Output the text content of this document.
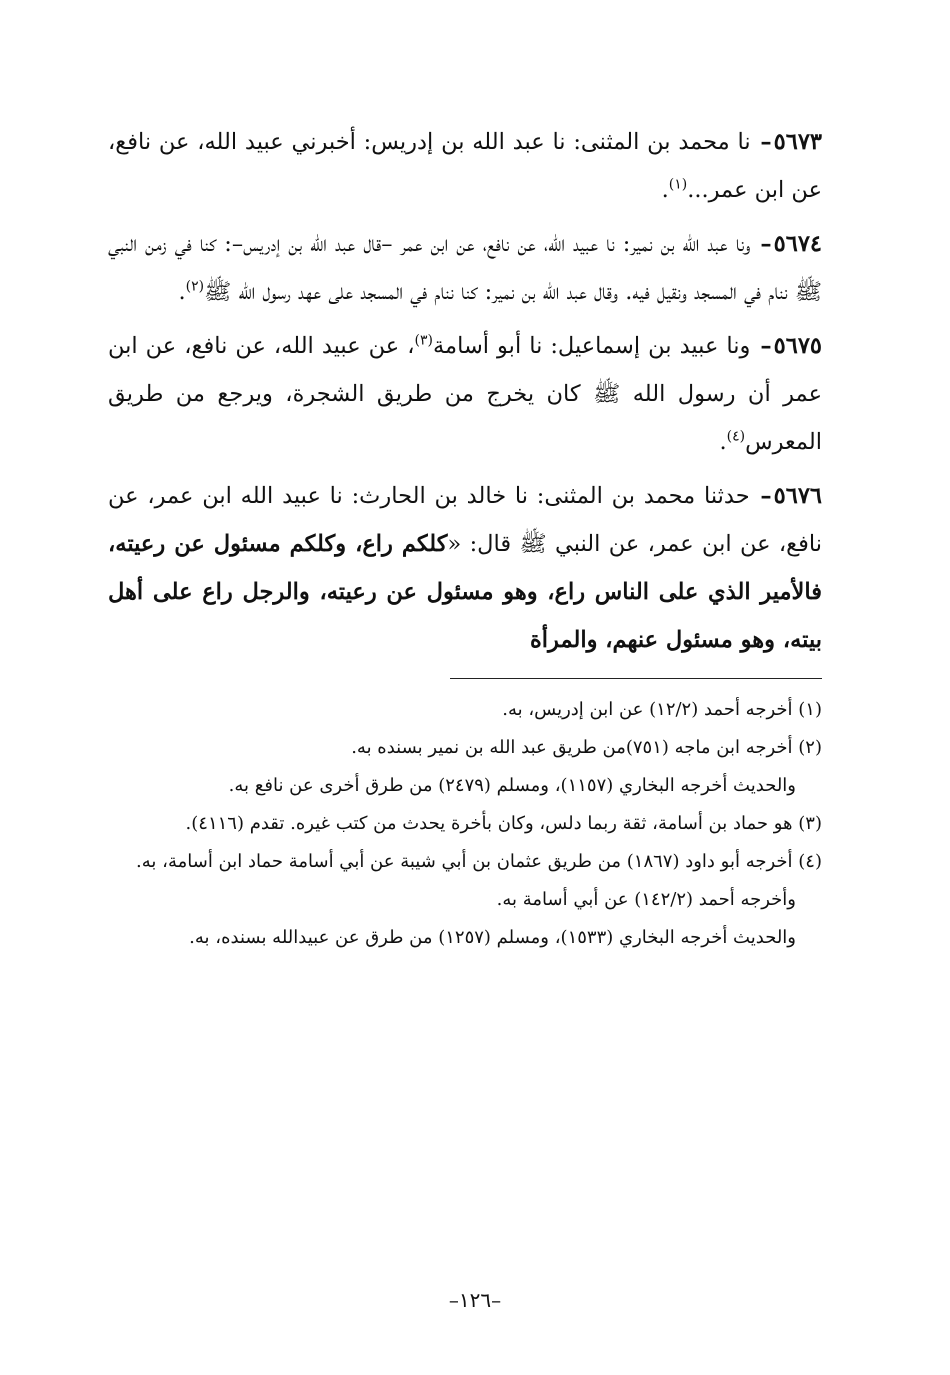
٥٦٧٣– نا محمد بن المثنى: نا عبد الله بن إدريس: أخبرني عبيد الله، عن نافع، عن ابن عمر...$^{(١)}$.

٥٦٧٤– ونا عبد الله بن نمير: نا عبيد الله، عن نافع، عن ابن عمر –قال عبد الله بن إدريس–: كنا في زمن النبي ﷺ ننام في المسجد ونقيل فيه. وقال عبد الله بن نمير: كنا ننام في المسجد على عهد رسول الله ﷺ$^{(٢)}$.

٥٦٧٥– ونا عبيد بن إسماعيل: نا أبو أسامة$^{(٣)}$، عن عبيد الله، عن نافع، عن ابن عمر أن رسول الله ﷺ كان يخرج من طريق الشجرة، ويرجع من طريق المعرس$^{(٤)}$.

٥٦٧٦– حدثنا محمد بن المثنى: نا خالد بن الحارث: نا عبيد الله ابن عمر، عن نافع، عن ابن عمر، عن النبي ﷺ قال: «كلكم راع، وكلكم مسئول عن رعيته، فالأمير الذي على الناس راع، وهو مسئول عن رعيته، والرجل راع على أهل بيته، وهو مسئول عنهم، والمرأة

(١) أخرجه أحمد (١٢/٢) عن ابن إدريس، به.

(٢) أخرجه ابن ماجه (٧٥١)من طريق عبد الله بن نمير بسنده به.

والحديث أخرجه البخاري (١١٥٧)، ومسلم (٢٤٧٩) من طرق أخرى عن نافع به.

(٣) هو حماد بن أسامة، ثقة ربما دلس، وكان بأخرة يحدث من كتب غيره. تقدم (٤١١٦).

(٤) أخرجه أبو داود (١٨٦٧) من طريق عثمان بن أبي شيبة عن أبي أسامة حماد ابن أسامة، به.

وأخرجه أحمد (١٤٢/٢) عن أبي أسامة به.

والحديث أخرجه البخاري (١٥٣٣)، ومسلم (١٢٥٧) من طرق عن عبيدالله بسنده، به.

–١٢٦–
